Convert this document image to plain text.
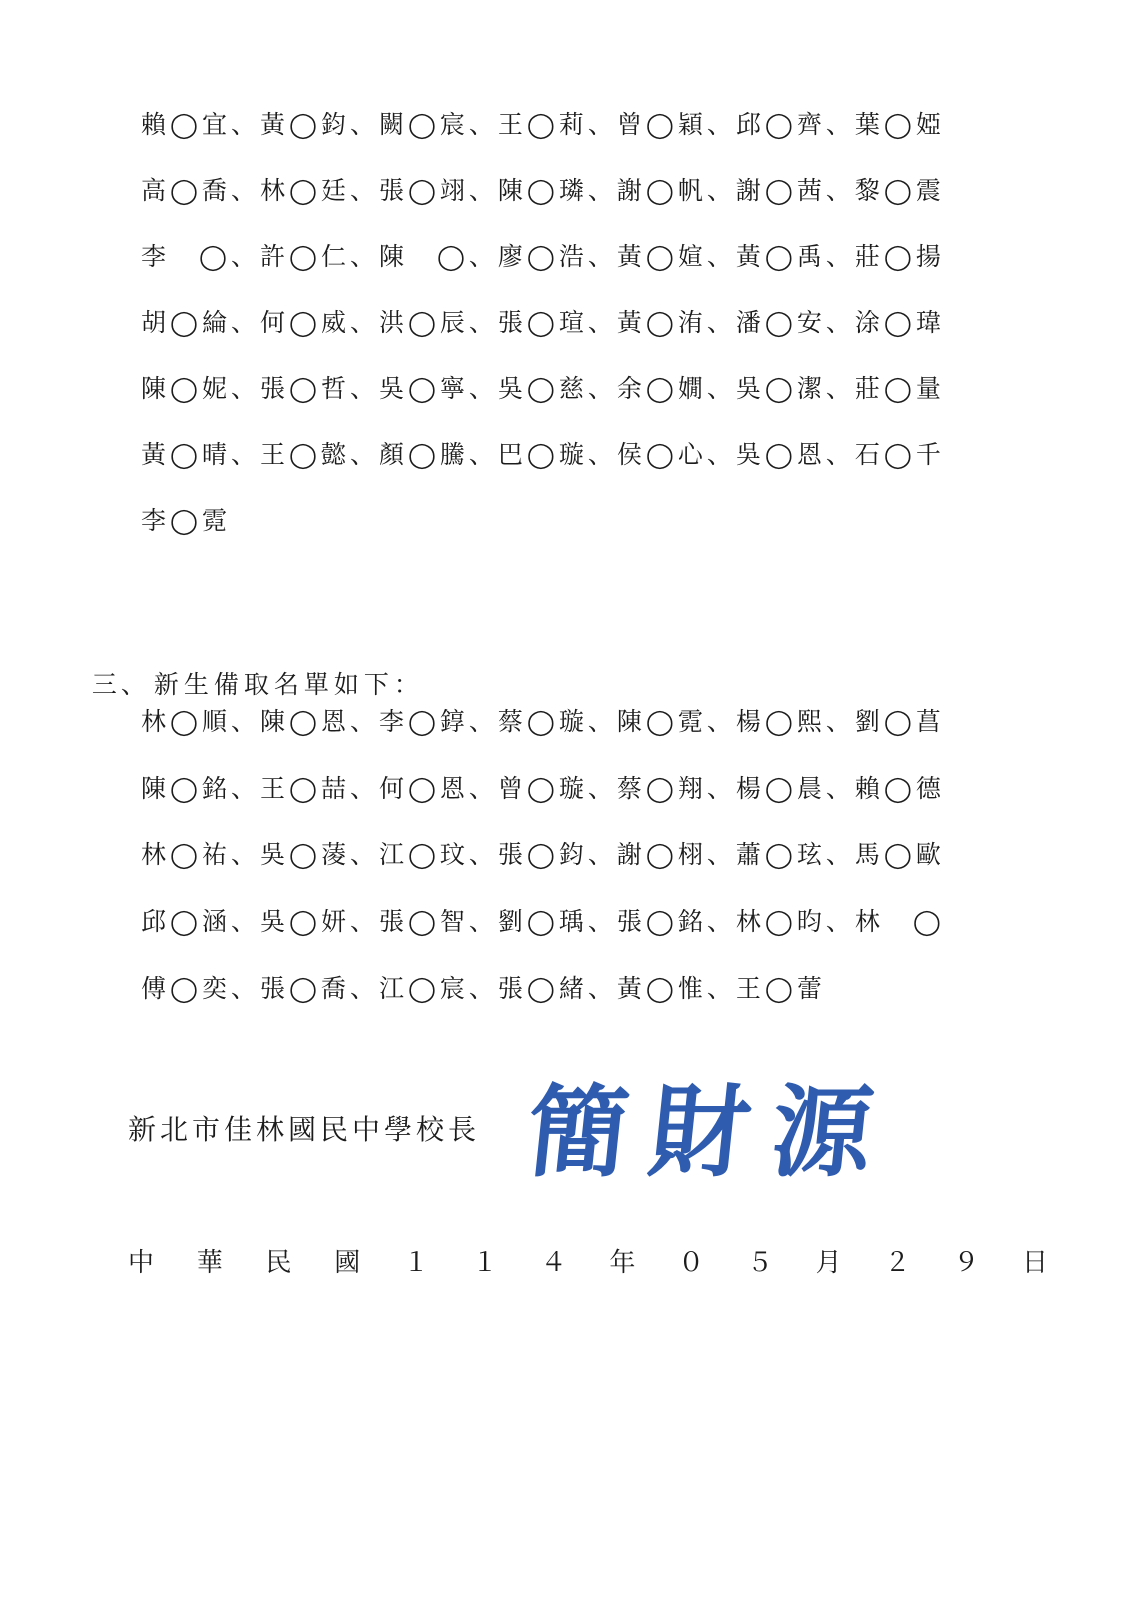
賴◯宜、黃◯鈞、闕◯宸、王◯莉、曾◯穎、邱◯齊、葉◯婭
高◯喬、林◯廷、張◯翊、陳◯璘、謝◯帆、謝◯茜、黎◯震
李　◯、許◯仁、陳　◯、廖◯浩、黃◯媗、黃◯禹、莊◯揚
胡◯綸、何◯威、洪◯辰、張◯瑄、黃◯洧、潘◯安、涂◯瑋
陳◯妮、張◯哲、吳◯寧、吳◯慈、余◯嫺、吳◯潔、莊◯量
黃◯晴、王◯懿、顏◯騰、巴◯璇、侯◯心、吳◯恩、石◯千
李◯霓

三、 新生備取名單如下：

林◯順、陳◯恩、李◯錞、蔡◯璇、陳◯霓、楊◯熙、劉◯菖
陳◯銘、王◯喆、何◯恩、曾◯璇、蔡◯翔、楊◯晨、賴◯德
林◯祐、吳◯蓤、江◯玟、張◯鈞、謝◯栩、蕭◯玹、馬◯歐
邱◯涵、吳◯妍、張◯智、劉◯瑀、張◯銘、林◯昀、林　◯
傅◯奕、張◯喬、江◯宸、張◯緒、黃◯惟、王◯蕾
新北市佳林國民中學校長 簡財源
中 華 民 國 １ １ ４ 年 ０ ５ 月 ２ ９ 日
